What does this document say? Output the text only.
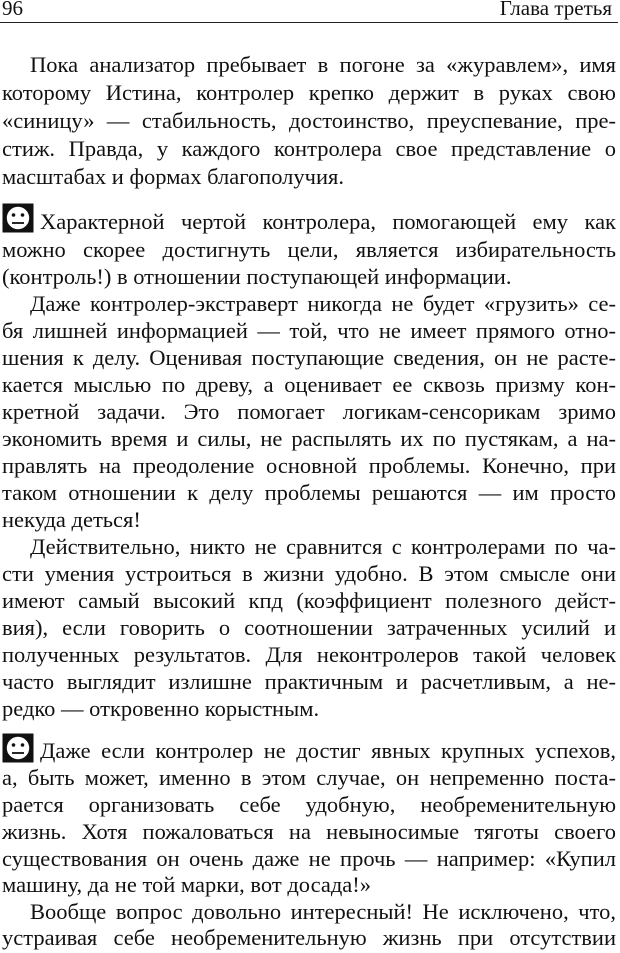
96	Глава третья
Пока анализатор пребывает в погоне за «журавлем», имя
которому Истина, контролер крепко держит в руках свою
«синицу» — стабильность, достоинство, преуспевание, пре-
стиж. Правда, у каждого контролера свое представление о
масштабах и формах благополучия.
Характерной чертой контролера, помогающей ему как
можно скорее достигнуть цели, является избирательность
(контроль!) в отношении поступающей информации.
Даже контролер-экстраверт никогда не будет «грузить» се-
бя лишней информацией — той, что не имеет прямого отно-
шения к делу. Оценивая поступающие сведения, он не расте-
кается мыслью по древу, а оценивает ее сквозь призму кон-
кретной задачи. Это помогает логикам-сенсорикам зримо
экономить время и силы, не распылять их по пустякам, а на-
правлять на преодоление основной проблемы. Конечно, при
таком отношении к делу проблемы решаются — им просто
некуда деться!
Действительно, никто не сравнится с контролерами по ча-
сти умения устроиться в жизни удобно. В этом смысле они
имеют самый высокий кпд (коэффициент полезного дейст-
вия), если говорить о соотношении затраченных усилий и
полученных результатов. Для неконтролеров такой человек
часто выглядит излишне практичным и расчетливым, а не-
редко — откровенно корыстным.
Даже если контролер не достиг явных крупных успехов,
а, быть может, именно в этом случае, он непременно поста-
рается организовать себе удобную, необременительную
жизнь. Хотя пожаловаться на невыносимые тяготы своего
существования он очень даже не прочь — например: «Купил
машину, да не той марки, вот досада!»
Вообще вопрос довольно интересный! Не исключено, что,
устраивая себе необременительную жизнь при отсутствии
